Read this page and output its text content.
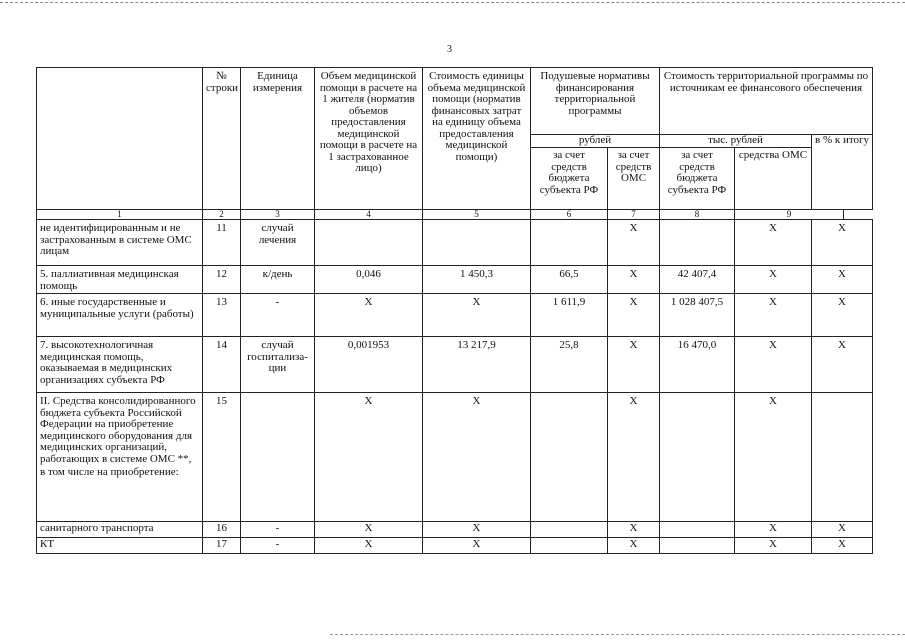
3
	№ строки	Единица измерения	Объем медицинской помощи в расчете на 1 жителя (норматив объемов предоставления медицинской помощи в расчете на 1 застрахованное лицо)	Стоимость единицы объема медицинской помощи (норматив финансовых затрат на единицу объема предоставления медицинской помощи)	Подушевые нормативы финансирования территориальной программы		Стоимость территориальной программы по источникам ее финансового обеспечения		
					рублей		тыс. рублей		в % к итогу
					за счет средств бюджета субъекта РФ	за счет средств ОМС	за счет средств бюджета субъекта РФ	средства ОМС	
1	2	3	4	5	6	7	8	9
не идентифицированным и не застрахованным в системе ОМС лицам	11	случай лечения				X		X	X
5. паллиативная медицинская помощь	12	к/день	0,046	1 450,3	66,5	X	42 407,4	X	X
6. иные государственные и муниципальные услуги (работы)	13	-	X	X	1 611,9	X	1 028 407,5	X	X
7. высокотехнологичная медицинская помощь, оказываемая в медицинских организациях субъекта РФ	14	случай госпитализа-ции	0,001953	13 217,9	25,8	X	16 470,0	X	X

II. Средства консолидированного бюджета субъекта Российской Федерации на приобретение медицинского оборудования для медицинских организаций, работающих в системе ОМС **,
в том числе на приобретение:	15		X	X		X		X	
санитарного транспорта	16	-	X	X		X		X	X
КТ	17	-	X	X		X		X	X
